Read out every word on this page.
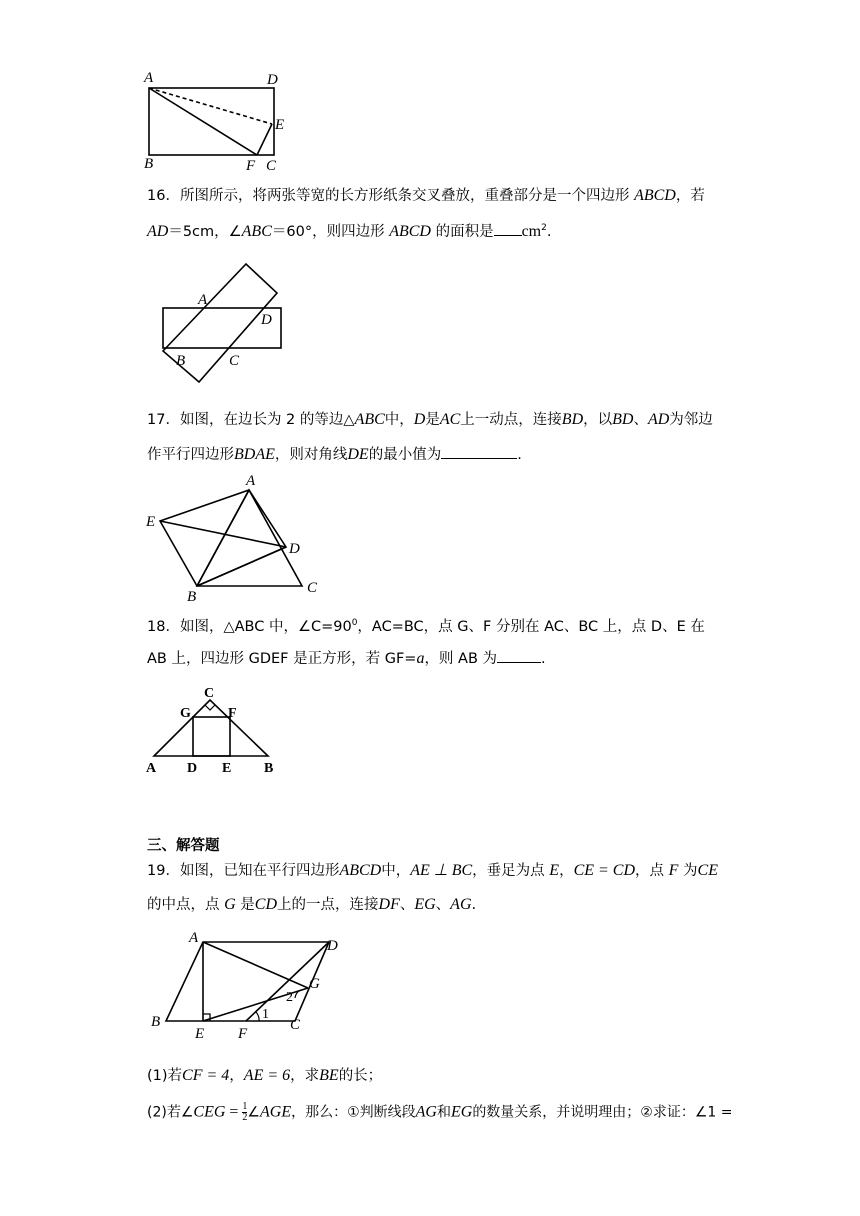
A	D
E
B	F C
16．所图所示，将两张等宽的长方形纸条交叉叠放，重叠部分是一个四边形 ABCD，若
AD＝5cm，∠ABC＝60°，则四边形 ABCD 的面积是 $cm^2$.
A
D
B	C
17．如图，在边长为 2 的等边△ABC中，D是AC上一动点，连接BD，以BD、AD为邻边
作平行四边形BDAE，则对角线DE的最小值为	.
A
E
D
B
C
18．如图，△ABC 中，$\angle C=90^0$，AC=BC，点 G、F 分别在 AC、BC 上，点 D、E 在
AB 上，四边形 GDEF 是正方形，若 GF=a，则 AB 为	.
C
G	F
A D E B
三、解答题
19．如图，已知在平行四边形ABCD中，AE ⊥ BC，垂足为点 E，CE = CD，点 F 为CE
的中点，点 G 是CD上的一点，连接DF、EG、AG.
A	D
G
B
E F
C
1
2
(1)若CF = 4，AE = 6，求BE的长；
(2)若∠CEG = $\frac{1}{2}$ ∠AGE，那么：①判断线段AG和EG的数量关系，并说明理由；②求证：∠1 =
